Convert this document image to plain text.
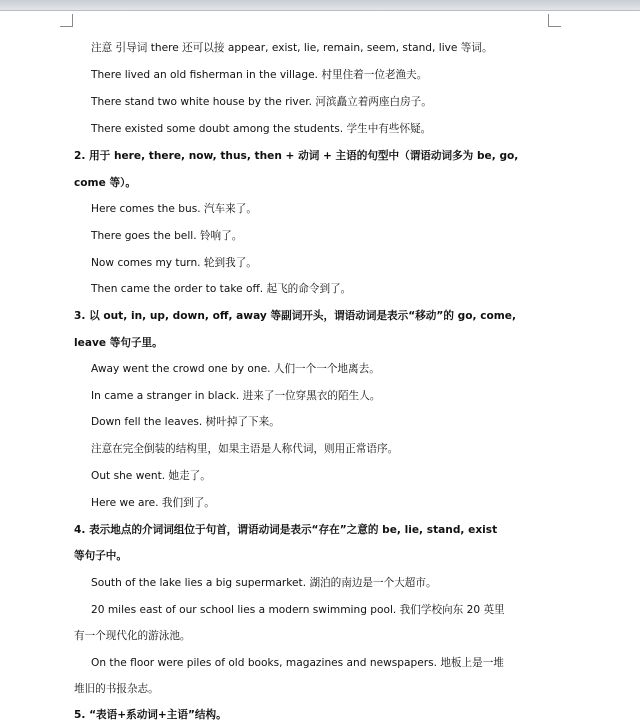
注意 引导词 there 还可以接 appear, exist, lie, remain, seem, stand, live 等词。
There lived an old fisherman in the village. 村里住着一位老渔夫。
There stand two white house by the river. 河滨矗立着两座白房子。
There existed some doubt among the students. 学生中有些怀疑。
2. 用于 here, there, now, thus, then + 动词 + 主语的句型中（谓语动词多为 be, go,
come 等）。
Here comes the bus. 汽车来了。
There goes the bell. 铃响了。
Now comes my turn. 轮到我了。
Then came the order to take off. 起飞的命令到了。
3. 以 out, in, up, down, off, away 等副词开头，谓语动词是表示“移动”的 go, come,
leave 等句子里。
Away went the crowd one by one. 人们一个一个地离去。
In came a stranger in black. 进来了一位穿黑衣的陌生人。
Down fell the leaves. 树叶掉了下来。
注意在完全倒装的结构里，如果主语是人称代词，则用正常语序。
Out she went. 她走了。
Here we are. 我们到了。
4. 表示地点的介词词组位于句首，谓语动词是表示“存在”之意的 be, lie, stand, exist
等句子中。
South of the lake lies a big supermarket. 湖泊的南边是一个大超市。
20 miles east of our school lies a modern swimming pool. 我们学校向东 20 英里
有一个现代化的游泳池。
On the floor were piles of old books, magazines and newspapers. 地板上是一堆
堆旧的书报杂志。
5. “表语+系动词+主语”结构。
